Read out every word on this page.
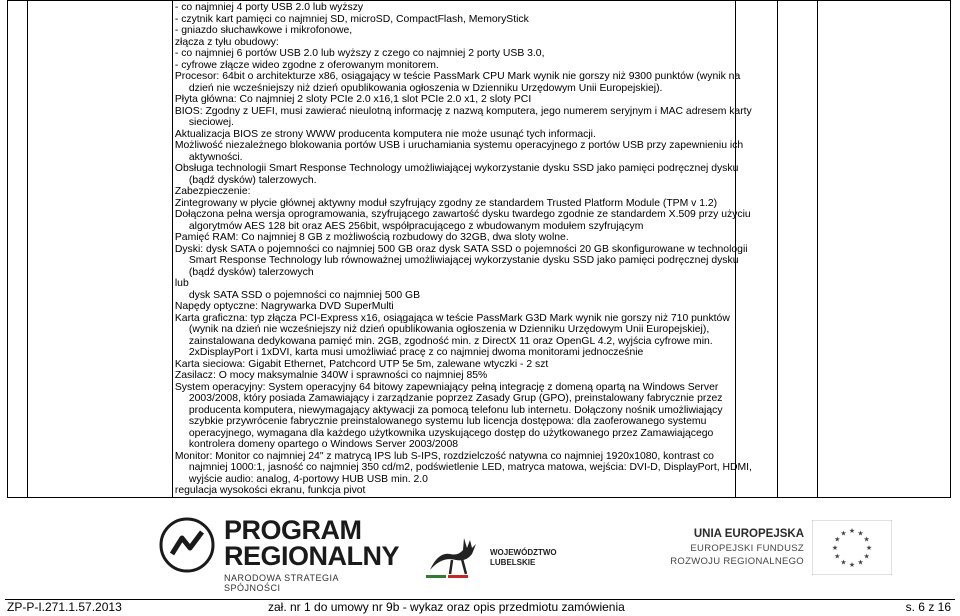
- co najmniej 4 porty USB 2.0 lub wyższy
- czytnik kart pamięci co najmniej SD, microSD, CompactFlash, MemoryStick
- gniazdo słuchawkowe i mikrofonowe,
złącza z tyłu obudowy:
- co najmniej 6 portów USB 2.0 lub wyższy z czego co najmniej 2 porty USB 3.0,
- cyfrowe złącze wideo zgodne z oferowanym monitorem.
Procesor: 64bit o architekturze x86, osiągający w teście PassMark CPU Mark wynik nie gorszy niż 9300 punktów (wynik na
dzień nie wcześniejszy niż dzień opublikowania ogłoszenia w Dzienniku Urzędowym Unii Europejskiej).
Płyta główna: Co najmniej 2 sloty PCIe 2.0 x16,1 slot PCIe 2.0 x1, 2 sloty PCI
BIOS: Zgodny z UEFI, musi zawierać nieulotną informację z nazwą komputera, jego numerem seryjnym i MAC adresem karty
sieciowej.
Aktualizacja BIOS ze strony WWW producenta komputera nie może usunąć tych informacji.
Możliwość niezależnego blokowania portów USB i uruchamiania systemu operacyjnego z portów USB przy zapewnieniu ich
aktywności.
Obsługa technologii Smart Response Technology umożliwiającej wykorzystanie dysku SSD jako pamięci podręcznej dysku
(bądź dysków) talerzowych.
Zabezpieczenie:
Zintegrowany w płycie głównej aktywny moduł szyfrujący zgodny ze standardem Trusted Platform Module (TPM v 1.2)
Dołączona pełna wersja oprogramowania, szyfrującego zawartość dysku twardego zgodnie ze standardem X.509 przy użyciu
algorytmów AES 128 bit oraz AES 256bit, współpracującego z wbudowanym modułem szyfrującym
Pamięć RAM: Co najmniej 8 GB z możliwością rozbudowy do 32GB, dwa sloty wolne.
Dyski: dysk SATA o pojemności co najmniej 500 GB oraz dysk SATA SSD o pojemności 20 GB skonfigurowane w technologii
Smart Response Technology lub równoważnej umożliwiającej wykorzystanie dysku SSD jako pamięci podręcznej dysku
(bądź dysków) talerzowych
lub
dysk SATA SSD o pojemności co najmniej 500 GB
Napędy optyczne: Nagrywarka DVD SuperMulti
Karta graficzna: typ złącza PCI-Express x16, osiągająca w teście PassMark G3D Mark wynik nie gorszy niż 710 punktów
(wynik na dzień nie wcześniejszy niż dzień opublikowania ogłoszenia w Dzienniku Urzędowym Unii Europejskiej),
zainstalowana dedykowana pamięć min. 2GB, zgodność min. z DirectX 11 oraz OpenGL 4.2, wyjścia cyfrowe min.
2xDisplayPort i 1xDVI, karta musi umożliwiać pracę z co najmniej dwoma monitorami jednocześnie
Karta sieciowa: Gigabit Ethernet, Patchcord UTP 5e 5m, zalewane wtyczki - 2 szt
Zasilacz: O mocy maksymalnie 340W i sprawności co najmniej 85%
System operacyjny: System operacyjny 64 bitowy zapewniający pełną integrację z domeną opartą na Windows Server
2003/2008, który posiada Zamawiający i zarządzanie poprzez Zasady Grup (GPO), preinstalowany fabrycznie przez
producenta komputera, niewymagający aktywacji za pomocą telefonu lub internetu. Dołączony nośnik umożliwiający
szybkie przywrócenie fabrycznie preinstalowanego systemu lub licencja dostępowa: dla zaoferowanego systemu
operacyjnego, wymagana dla każdego użytkownika uzyskującego dostęp do użytkowanego przez Zamawiającego
kontrolera domeny opartego o Windows Server 2003/2008
Monitor: Monitor co najmniej 24" z matrycą IPS lub S-IPS, rozdzielczość natywna co najmniej 1920x1080, kontrast co
najmniej 1000:1, jasność co najmniej 350 cd/m2, podświetlenie LED, matryca matowa, wejścia: DVI-D, DisplayPort, HDMI,
wyjście audio: analog, 4-portowy HUB USB min. 2.0
regulacja wysokości ekranu, funkcja pivot

PROGRAM
REGIONALNY
NARODOWA STRATEGIA SPÓJNOŚCI
WOJEWÓDZTWO
LUBELSKIE
UNIA EUROPEJSKA
EUROPEJSKI FUNDUSZ
ROZWOJU REGIONALNEGO
★
★
★
★
★
★
★
★
★ ★ ★
★
ZP-P-I.271.1.57.2013	zał. nr 1 do umowy nr 9b - wykaz oraz opis przedmiotu zamówienia	s. 6 z 16
